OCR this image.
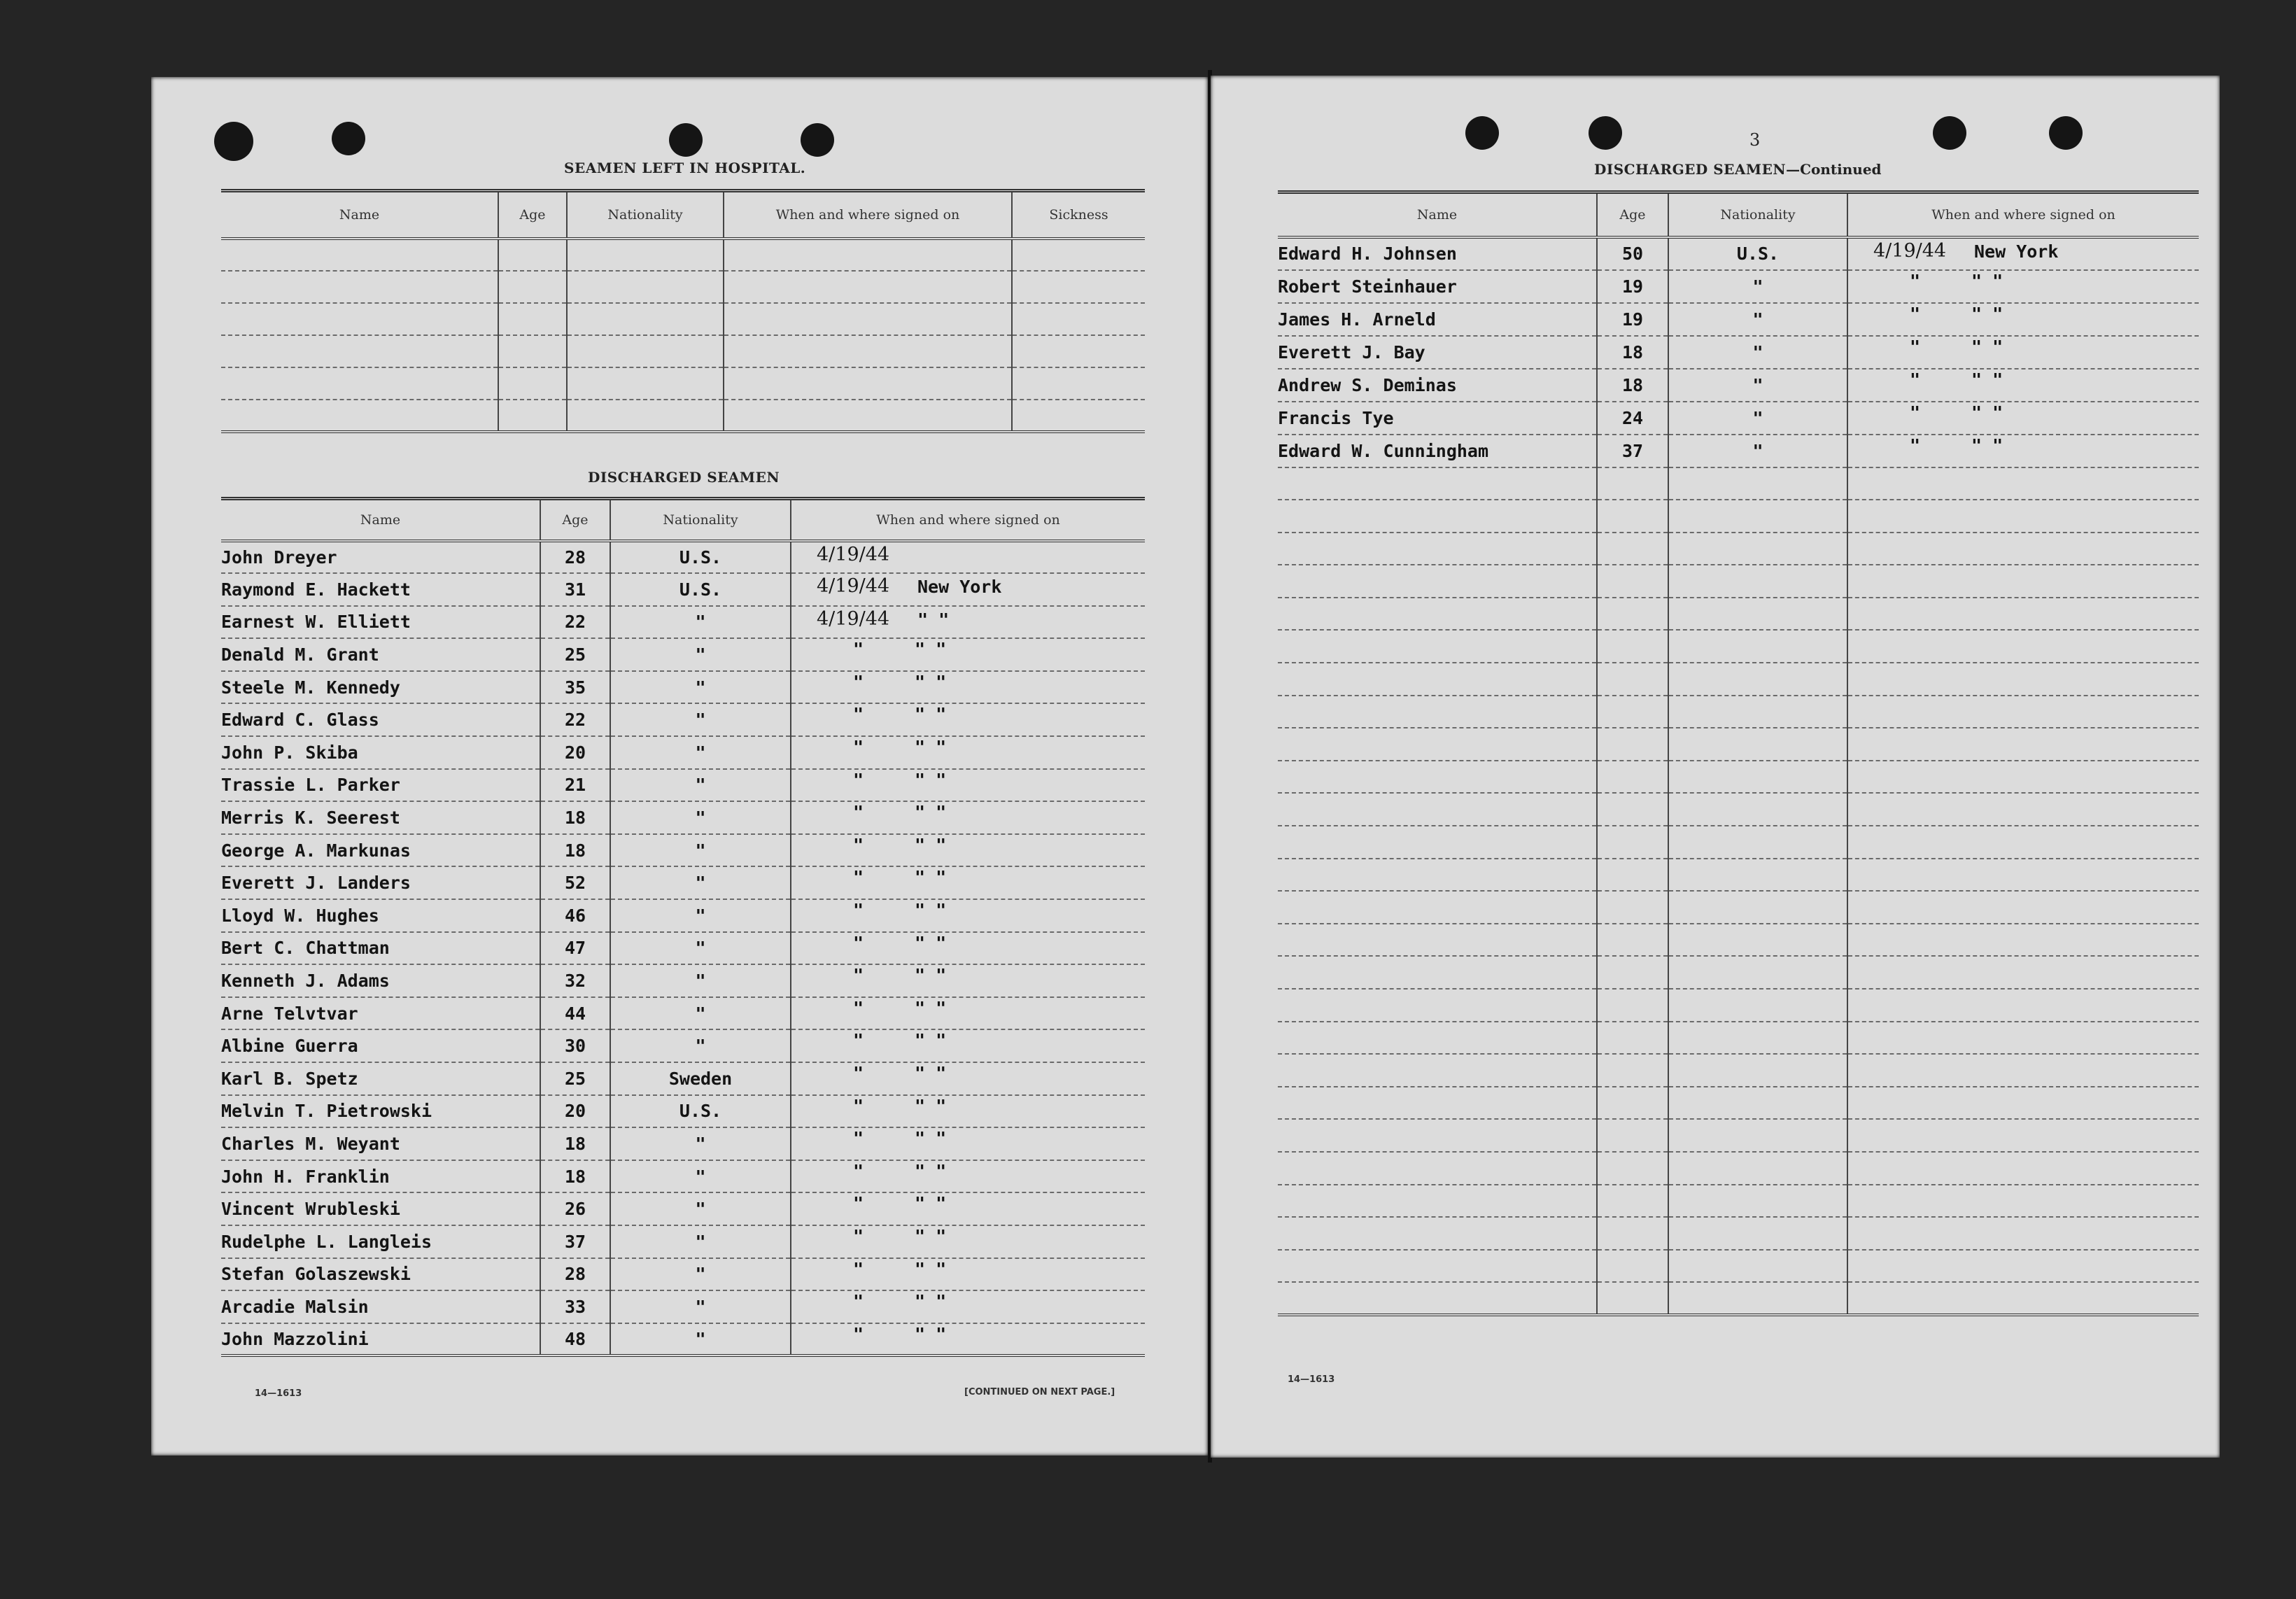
SEAMEN LEFT IN HOSPITAL.
Name	Age	Nationality	When and where signed on	Sickness

DISCHARGED SEAMEN
Name	Age	Nationality	When and where signed on
John Dreyer	28	U.S.	4/19/44

Raymond E. Hackett	31	U.S.	4/19/44 New York

Earnest W. Elliett	22	"	4/19/44 " "

Denald M. Grant	25	"	" " "

Steele M. Kennedy	35	"	" " "

Edward C. Glass	22	"	" " "

John P. Skiba	20	"	" " "

Trassie L. Parker	21	"	" " "

Merris K. Seerest	18	"	" " "

George A. Markunas	18	"	" " "

Everett J. Landers	52	"	" " "

Lloyd W. Hughes	46	"	" " "

Bert C. Chattman	47	"	" " "

Kenneth J. Adams	32	"	" " "

Arne Telvtvar	44	"	" " "

Albine Guerra	30	"	" " "

Karl B. Spetz	25	Sweden	" " "

Melvin T. Pietrowski	20	U.S.	" " "

Charles M. Weyant	18	"	" " "

John H. Franklin	18	"	" " "

Vincent Wrubleski	26	"	" " "

Rudelphe L. Langleis	37	"	" " "

Stefan Golaszewski	28	"	" " "

Arcadie Malsin	33	"	" " "

John Mazzolini	48	"	" " "
14—1613	[CONTINUED ON NEXT PAGE.]
3
DISCHARGED SEAMEN—Continued
Name	Age	Nationality	When and where signed on
Edward H. Johnsen	50	U.S.	4/19/44 New York

Robert Steinhauer	19	"	" " "

James H. Arneld	19	"	" " "

Everett J. Bay	18	"	" " "

Andrew S. Deminas	18	"	" " "

Francis Tye	24	"	" " "

Edward W. Cunningham	37	"	" " "

14—1613
